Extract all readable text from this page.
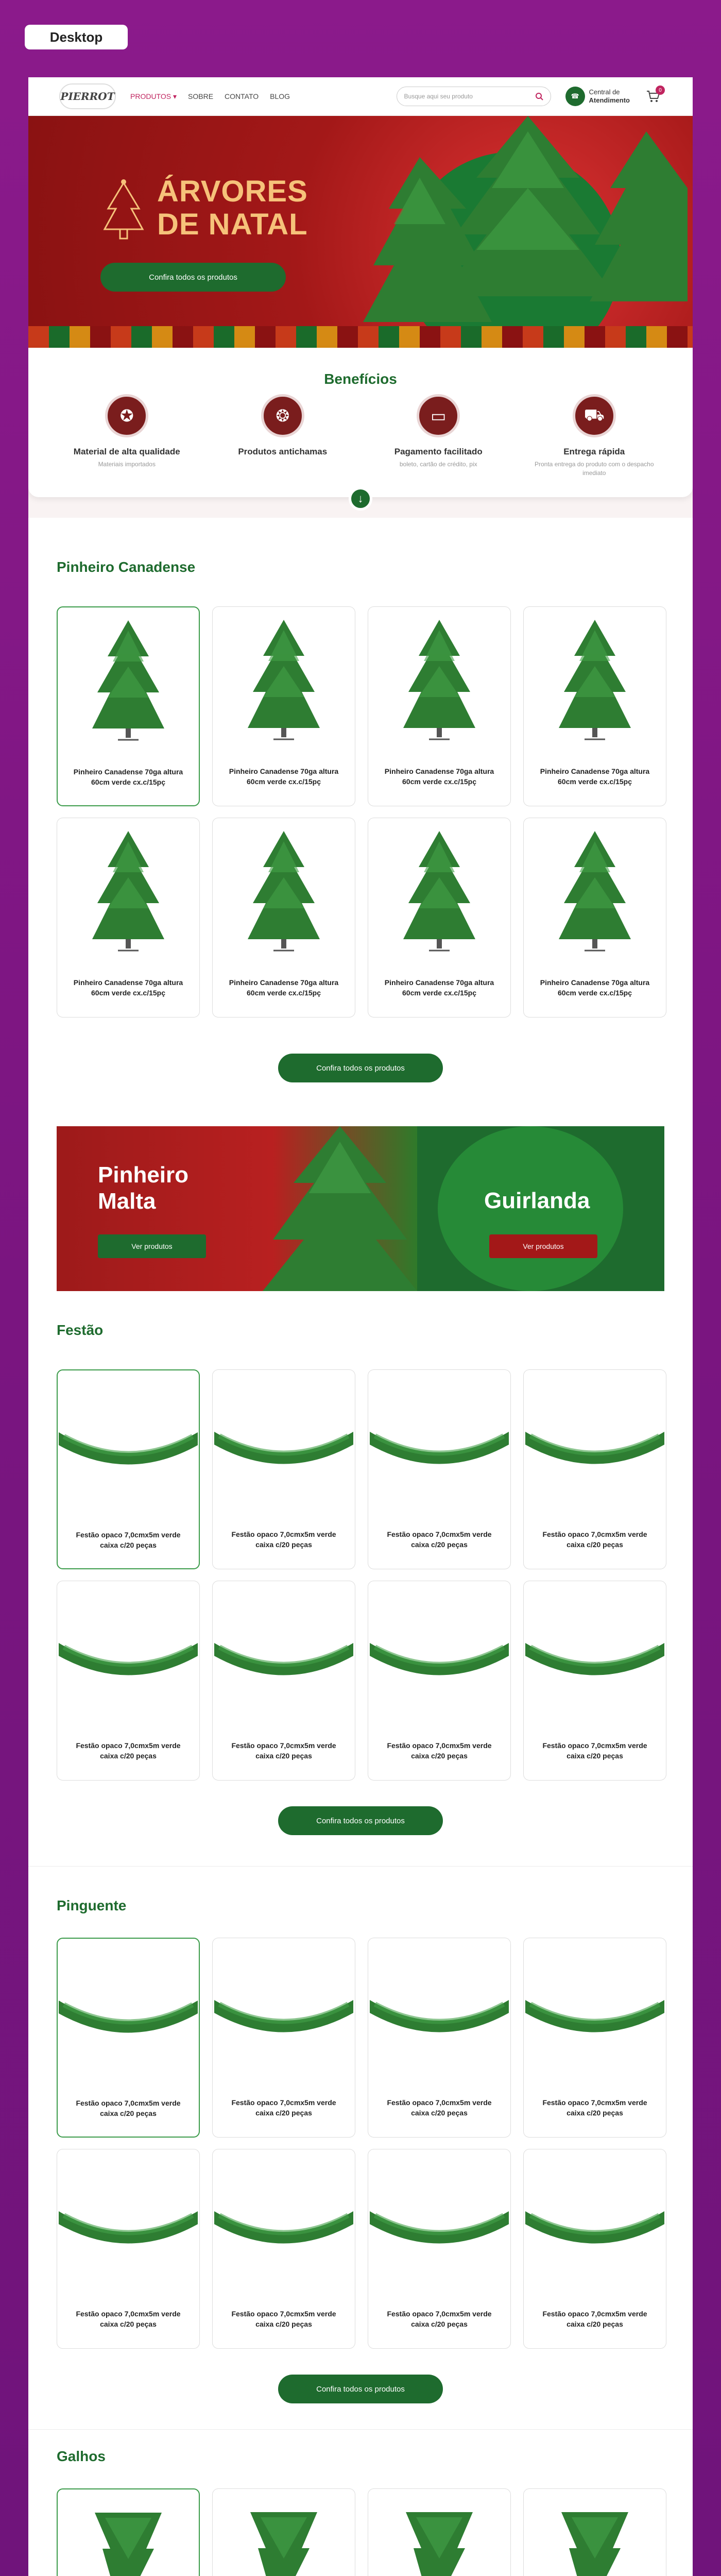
Desktop
PIERROT PRODUTOS ▾ SOBRE CONTATO BLOG	Busque aqui seu produto	☎
Central de
Atendimento
0
ÁRVORES
DE NATAL
Confira todos os produtos
Benefícios
✪
Material de alta qualidade
Materiais importados
❂
Produtos antichamas
▭
Pagamento facilitado
boleto, cartão de crédito, pix
⛟
Entrega rápida
Pronta entrega do produto com o despacho imediato
↓
Pinheiro Canadense
Pinheiro Canadense 70ga altura 60cm verde cx.c/15pç
Pinheiro Canadense 70ga altura 60cm verde cx.c/15pç
Pinheiro Canadense 70ga altura 60cm verde cx.c/15pç
Pinheiro Canadense 70ga altura 60cm verde cx.c/15pç
Pinheiro Canadense 70ga altura 60cm verde cx.c/15pç
Pinheiro Canadense 70ga altura 60cm verde cx.c/15pç
Pinheiro Canadense 70ga altura 60cm verde cx.c/15pç
Pinheiro Canadense 70ga altura 60cm verde cx.c/15pç
Confira todos os produtos
Pinheiro
Malta
Ver produtos
Guirlanda
Ver produtos
Festão
Festão opaco 7,0cmx5m verde caixa c/20 peças
Festão opaco 7,0cmx5m verde caixa c/20 peças
Festão opaco 7,0cmx5m verde caixa c/20 peças
Festão opaco 7,0cmx5m verde caixa c/20 peças
Festão opaco 7,0cmx5m verde caixa c/20 peças
Festão opaco 7,0cmx5m verde caixa c/20 peças
Festão opaco 7,0cmx5m verde caixa c/20 peças
Festão opaco 7,0cmx5m verde caixa c/20 peças
Confira todos os produtos
Pinguente
Festão opaco 7,0cmx5m verde caixa c/20 peças
Festão opaco 7,0cmx5m verde caixa c/20 peças
Festão opaco 7,0cmx5m verde caixa c/20 peças
Festão opaco 7,0cmx5m verde caixa c/20 peças
Festão opaco 7,0cmx5m verde caixa c/20 peças
Festão opaco 7,0cmx5m verde caixa c/20 peças
Festão opaco 7,0cmx5m verde caixa c/20 peças
Festão opaco 7,0cmx5m verde caixa c/20 peças
Confira todos os produtos
Galhos
